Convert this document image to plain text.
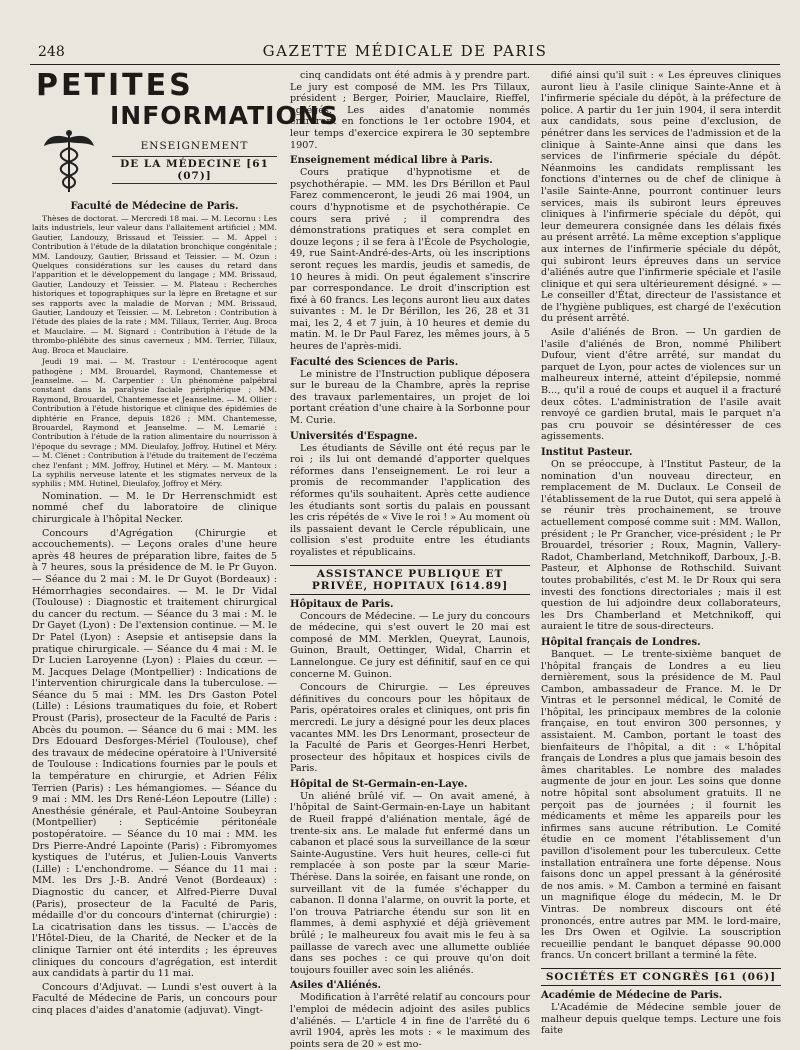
248	GAZETTE MÉDICALE DE PARIS
PETITES
INFORMATIONS
ENSEIGNEMENT
DE LA MÉDECINE [61 (07)]
Faculté de Médecine de Paris.

Thèses de doctorat. — Mercredi 18 mai. — M. Lecornu : Les laits industriels, leur valeur dans l'allaitement artificiel ; MM. Gautier, Landouzy, Brissaud et Teissier. — M. Appel : Contribution à l'étude de la dilatation bronchique congénitale ; MM. Landouzy, Gautier, Brissaud et Teissier. — M. Ozun : Quelques considérations sur les causes du retard dans l'apparition et le développement du langage ; MM. Brissaud, Gautier, Landouzy et Teissier. — M. Plateau : Recherches historiques et topographiques sur la lèpre en Bretagne et sur ses rapports avec la maladie de Morvan ; MM. Brissaud, Gautier, Landouzy et Teissier. — M. Lebreton : Contribution à l'étude des plaies de la rate ; MM. Tillaux, Terrier, Aug. Broca et Mauclaire. — M. Signard : Contribution à l'étude de la thrombo-phlébite des sinus caverneux ; MM. Terrier, Tillaux, Aug. Broca et Mauclaire.

Jeudi 19 mai. — M. Trastour : L'entérocoque agent pathogène ; MM. Brouardel, Raymond, Chantemesse et Jeanselme. — M. Carpentier : Un phénomène palpébral constant dans la paralysie faciale périphérique ; MM. Raymond, Brouardel, Chantemesse et Jeanselme. — M. Ollier : Contribution à l'étude historique et clinique des épidémies de diphtérie en France, depuis 1826 ; MM. Chantemesse, Brouardel, Raymond et Jeanselme. — M. Lemarié : Contribution à l'étude de la ration alimentaire du nourrisson à l'époque du sevrage ; MM. Dieulafoy, Joffroy, Hutinel et Méry. — M. Clénet : Contribution à l'étude du traitement de l'eczéma chez l'enfant ; MM. Joffroy, Hutinel et Méry. — M. Mantoux : La syphilis nerveuse latente et les stigmates nerveux de la syphilis ; MM. Hutinel, Dieulafoy, Joffroy et Méry.

Nomination. — M. le Dr Herrenschmidt est nommé chef du laboratoire de clinique chirurgicale à l'hôpital Necker.

Concours d'Agrégation (Chirurgie et accouchements). — Leçons orales d'une heure après 48 heures de préparation libre, faites de 5 à 7 heures, sous la présidence de M. le Pr Guyon. — Séance du 2 mai : M. le Dr Guyot (Bordeaux) : Hémorrhagies secondaires. — M. le Dr Vidal (Toulouse) : Diagnostic et traitement chirurgical du cancer du rectum. — Séance du 3 mai : M. le Dr Gayet (Lyon) : De l'extension continue. — M. le Dr Patel (Lyon) : Asepsie et antisepsie dans la pratique chirurgicale. — Séance du 4 mai : M. le Dr Lucien Laroyenne (Lyon) : Plaies du cœur. — M. Jacques Delage (Montpellier) : Indications de l'intervention chirurgicale dans la tuberculose. — Séance du 5 mai : MM. les Drs Gaston Potel (Lille) : Lésions traumatiques du foie, et Robert Proust (Paris), prosecteur de la Faculté de Paris : Abcès du poumon. — Séance du 6 mai : MM. les Drs Edouard Desforges-Mériel (Toulouse), chef des travaux de médecine opératoire à l'Université de Toulouse : Indications fournies par le pouls et la température en chirurgie, et Adrien Félix Terrien (Paris) : Les hémangiomes. — Séance du 9 mai : MM. les Drs René-Léon Lepoutre (Lille) : Anesthésie générale, et Paul-Antoine Soubeyran (Montpellier) : Septicémie péritonéale postopératoire. — Séance du 10 mai : MM. les Drs Pierre-André Lapointe (Paris) : Fibromyomes kystiques de l'utérus, et Julien-Louis Vanverts (Lille) : L'enchondrome. — Séance du 11 mai : MM. les Drs J.-B. André Venot (Bordeaux) : Diagnostic du cancer, et Alfred-Pierre Duval (Paris), prosecteur de la Faculté de Paris, médaille d'or du concours d'internat (chirurgie) : La cicatrisation dans les tissus. — L'accès de l'Hôtel-Dieu, de la Charité, de Necker et de la clinique Tarnier ont été interdits ; les épreuves cliniques du concours d'agrégation, est interdit aux candidats à partir du 11 mai.

Concours d'Adjuvat. — Lundi s'est ouvert à la Faculté de Médecine de Paris, un concours pour cinq places d'aides d'anatomie (adjuvat). Vingt-

cinq candidats ont été admis à y prendre part. Le jury est composé de MM. les Prs Tillaux, président ; Berger, Poirier, Mauclaire, Rieffel, agrégés. Les aides d'anatomie nommés entreront en fonctions le 1er octobre 1904, et leur temps d'exercice expirera le 30 septembre 1907.

Enseignement médical libre à Paris.

Cours pratique d'hypnotisme et de psychothérapie. — MM. les Drs Bérillon et Paul Farez commenceront, le jeudi 26 mai 1904, un cours d'hypnotisme et de psychothérapie. Ce cours sera privé ; il comprendra des démonstrations pratiques et sera complet en douze leçons ; il se fera à l'École de Psychologie, 49, rue Saint-André-des-Arts, où les inscriptions seront reçues les mardis, jeudis et samedis, de 10 heures à midi. On peut également s'inscrire par correspondance. Le droit d'inscription est fixé à 60 francs. Les leçons auront lieu aux dates suivantes : M. le Dr Bérillon, les 26, 28 et 31 mai, les 2, 4 et 7 juin, à 10 heures et demie du matin. M. le Dr Paul Farez, les mêmes jours, à 5 heures de l'après-midi.

Faculté des Sciences de Paris.

Le ministre de l'Instruction publique déposera sur le bureau de la Chambre, après la reprise des travaux parlementaires, un projet de loi portant création d'une chaire à la Sorbonne pour M. Curie.

Universités d'Espagne.

Les étudiants de Séville ont été reçus par le roi ; ils lui ont demandé d'apporter quelques réformes dans l'enseignement. Le roi leur a promis de recommander l'application des réformes qu'ils souhaitent. Après cette audience les étudiants sont sortis du palais en poussant les cris répétés de « Vive le roi ! » Au moment où ils passaient devant le Cercle républicain, une collision s'est produite entre les étudiants royalistes et républicains.

ASSISTANCE PUBLIQUE ET PRIVÉE, HOPITAUX [614.89]
Hôpitaux de Paris.

Concours de Médecine. — Le jury du concours de médecine, qui s'est ouvert le 20 mai est composé de MM. Merklen, Queyrat, Launois, Guinon, Brault, Oettinger, Widal, Charrin et Lannelongue. Ce jury est définitif, sauf en ce qui concerne M. Guinon.

Concours de Chirurgie. — Les épreuves définitives du concours pour les hôpitaux de Paris, opératoires orales et cliniques, ont pris fin mercredi. Le jury a désigné pour les deux places vacantes MM. les Drs Lenormant, prosecteur de la Faculté de Paris et Georges-Henri Herbet, prosecteur des hôpitaux et hospices civils de Paris.

Hôpital de St-Germain-en-Laye.

Un aliéné brûlé vif. — On avait amené, à l'hôpital de Saint-Germain-en-Laye un habitant de Rueil frappé d'aliénation mentale, âgé de trente-six ans. Le malade fut enfermé dans un cabanon et placé sous la surveillance de la sœur Sainte-Augustine. Vers huit heures, celle-ci fut remplacée à son poste par la sœur Marie-Thérèse. Dans la soirée, en faisant une ronde, on surveillant vit de la fumée s'échapper du cabanon. Il donna l'alarme, on ouvrit la porte, et l'on trouva Patriarche étendu sur son lit en flammes, à demi asphyxié et déjà grièvement brûlé ; le malheureux fou avait mis le feu à sa paillasse de varech avec une allumette oubliée dans ses poches : ce qui prouve qu'on doit toujours fouiller avec soin les aliénés.

Asiles d'Aliénés.

Modification à l'arrêté relatif au concours pour l'emploi de médecin adjoint des asiles publics d'aliénés. — L'article 4 in fine de l'arrêté du 6 avril 1904, après les mots : « le maximum des points sera de 20 » est mo-

difié ainsi qu'il suit : « Les épreuves cliniques auront lieu à l'asile clinique Sainte-Anne et à l'infirmerie spéciale du dépôt, à la préfecture de police. A partir du 1er juin 1904, il sera interdit aux candidats, sous peine d'exclusion, de pénétrer dans les services de l'admission et de la clinique à Sainte-Anne ainsi que dans les services de l'infirmerie spéciale du dépôt. Néanmoins les candidats remplissant les fonctions d'internes ou de chef de clinique à l'asile Sainte-Anne, pourront continuer leurs services, mais ils subiront leurs épreuves cliniques à l'infirmerie spéciale du dépôt, qui leur demeurera consignée dans les délais fixés au présent arrêté. La même exception s'applique aux internes de l'infirmerie spéciale du dépôt, qui subiront leurs épreuves dans un service d'aliénés autre que l'infirmerie spéciale et l'asile clinique et qui sera ultérieurement désigné. » — Le conseiller d'État, directeur de l'assistance et de l'hygiène publiques, est chargé de l'exécution du présent arrêté.

Asile d'aliénés de Bron. — Un gardien de l'asile d'aliénés de Bron, nommé Philibert Dufour, vient d'être arrêté, sur mandat du parquet de Lyon, pour actes de violences sur un malheureux interné, atteint d'épilepsie, nommé B..., qu'il a roué de coups et auquel il a fracturé deux côtes. L'administration de l'asile avait renvoyé ce gardien brutal, mais le parquet n'a pas cru pouvoir se désintéresser de ces agissements.

Institut Pasteur.

On se préoccupe, à l'Institut Pasteur, de la nomination d'un nouveau directeur, en remplacement de M. Duclaux. Le Conseil de l'établissement de la rue Dutot, qui sera appelé à se réunir très prochainement, se trouve actuellement composé comme suit : MM. Wallon, président ; le Pr Grancher, vice-président ; le Pr Brouardel, trésorier ; Roux, Magnin, Vallery-Radot, Chamberland, Metchnikoff, Darboux, J.-B. Pasteur, et Alphonse de Rothschild. Suivant toutes probabilités, c'est M. le Dr Roux qui sera investi des fonctions directoriales ; mais il est question de lui adjoindre deux collaborateurs, les Drs Chamberland et Metchnikoff, qui auraient le titre de sous-directeurs.

Hôpital français de Londres.

Banquet. — Le trente-sixième banquet de l'hôpital français de Londres a eu lieu dernièrement, sous la présidence de M. Paul Cambon, ambassadeur de France. M. le Dr Vintras et le personnel médical, le Comité de l'hôpital, les principaux membres de la colonie française, en tout environ 300 personnes, y assistaient. M. Cambon, portant le toast des bienfaiteurs de l'hôpital, a dit : « L'hôpital français de Londres a plus que jamais besoin des âmes charitables. Le nombre des malades augmente de jour en jour. Les soins que donne notre hôpital sont absolument gratuits. Il ne perçoit pas de journées ; il fournit les médicaments et même les appareils pour les infirmes sans aucune rétribution. Le Comité étudie en ce moment l'établissement d'un pavillon d'isolement pour les tuberculeux. Cette installation entraînera une forte dépense. Nous faisons donc un appel pressant à la générosité de nos amis. » M. Cambon a terminé en faisant un magnifique éloge du médecin, M. le Dr Vintras. De nombreux discours ont été prononcés, entre autres par MM. le lord-maire, les Drs Owen et Ogilvie. La souscription recueillie pendant le banquet dépasse 90.000 francs. Un concert brillant a terminé la fête.

SOCIÉTÉS ET CONGRÈS [61 (06)]
Académie de Médecine de Paris.

L'Académie de Médecine semble jouer de malheur depuis quelque temps. Lecture une fois faite
